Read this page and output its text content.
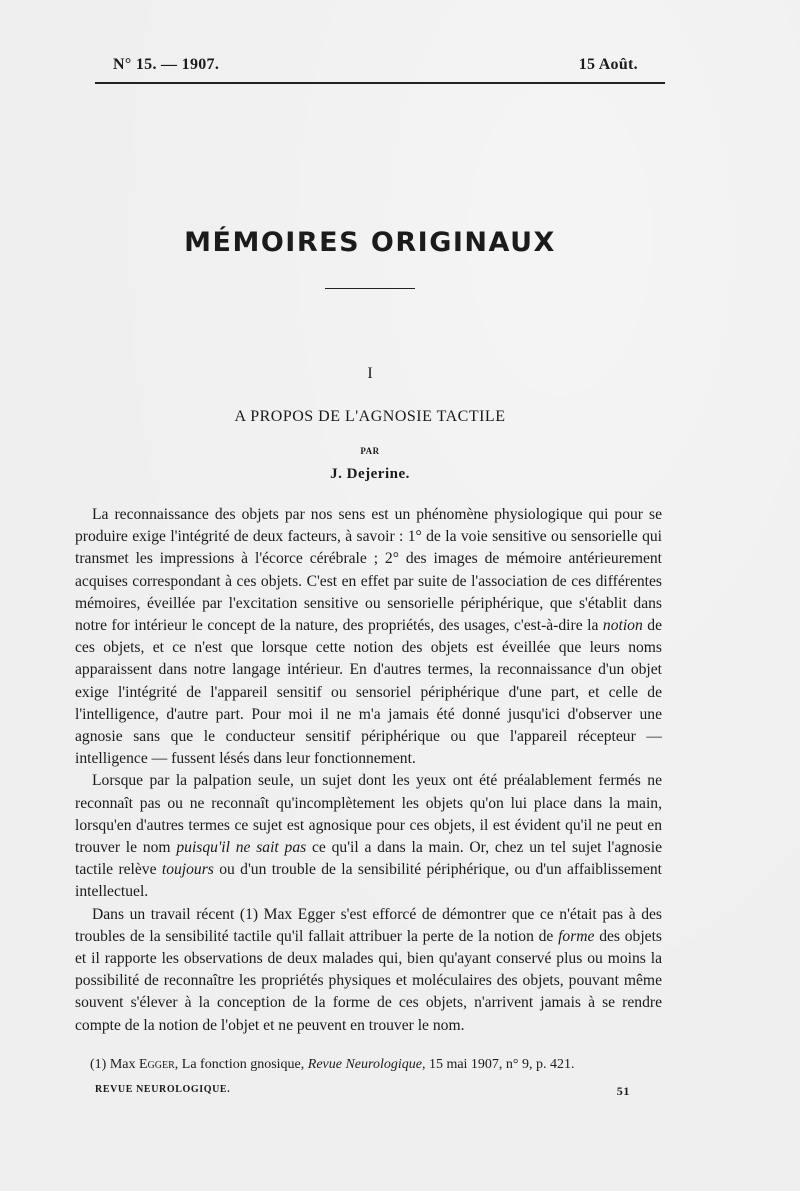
N° 15. — 1907.	15 Août.
MÉMOIRES ORIGINAUX
I
A PROPOS DE L'AGNOSIE TACTILE
PAR
J. Dejerine.

La reconnaissance des objets par nos sens est un phénomène physiologique qui pour se produire exige l'intégrité de deux facteurs, à savoir : 1° de la voie sensitive ou sensorielle qui transmet les impressions à l'écorce cérébrale ; 2° des images de mémoire antérieurement acquises correspondant à ces objets. C'est en effet par suite de l'association de ces différentes mémoires, éveillée par l'excitation sensitive ou sensorielle périphérique, que s'établit dans notre for intérieur le concept de la nature, des propriétés, des usages, c'est-à-dire la notion de ces objets, et ce n'est que lorsque cette notion des objets est éveillée que leurs noms apparaissent dans notre langage intérieur. En d'autres termes, la reconnaissance d'un objet exige l'intégrité de l'appareil sensitif ou sensoriel périphérique d'une part, et celle de l'intelligence, d'autre part. Pour moi il ne m'a jamais été donné jusqu'ici d'observer une agnosie sans que le conducteur sensitif périphérique ou que l'appareil récepteur — intelligence — fussent lésés dans leur fonctionnement.

Lorsque par la palpation seule, un sujet dont les yeux ont été préalablement fermés ne reconnaît pas ou ne reconnaît qu'incomplètement les objets qu'on lui place dans la main, lorsqu'en d'autres termes ce sujet est agnosique pour ces objets, il est évident qu'il ne peut en trouver le nom puisqu'il ne sait pas ce qu'il a dans la main. Or, chez un tel sujet l'agnosie tactile relève toujours ou d'un trouble de la sensibilité périphérique, ou d'un affaiblissement intellectuel.

Dans un travail récent (1) Max Egger s'est efforcé de démontrer que ce n'était pas à des troubles de la sensibilité tactile qu'il fallait attribuer la perte de la notion de forme des objets et il rapporte les observations de deux malades qui, bien qu'ayant conservé plus ou moins la possibilité de reconnaître les propriétés physiques et moléculaires des objets, pouvant même souvent s'élever à la conception de la forme de ces objets, n'arrivent jamais à se rendre compte de la notion de l'objet et ne peuvent en trouver le nom.

(1) Max Egger, La fonction gnosique, Revue Neurologique, 15 mai 1907, n° 9, p. 421.
REVUE NEUROLOGIQUE.	51
